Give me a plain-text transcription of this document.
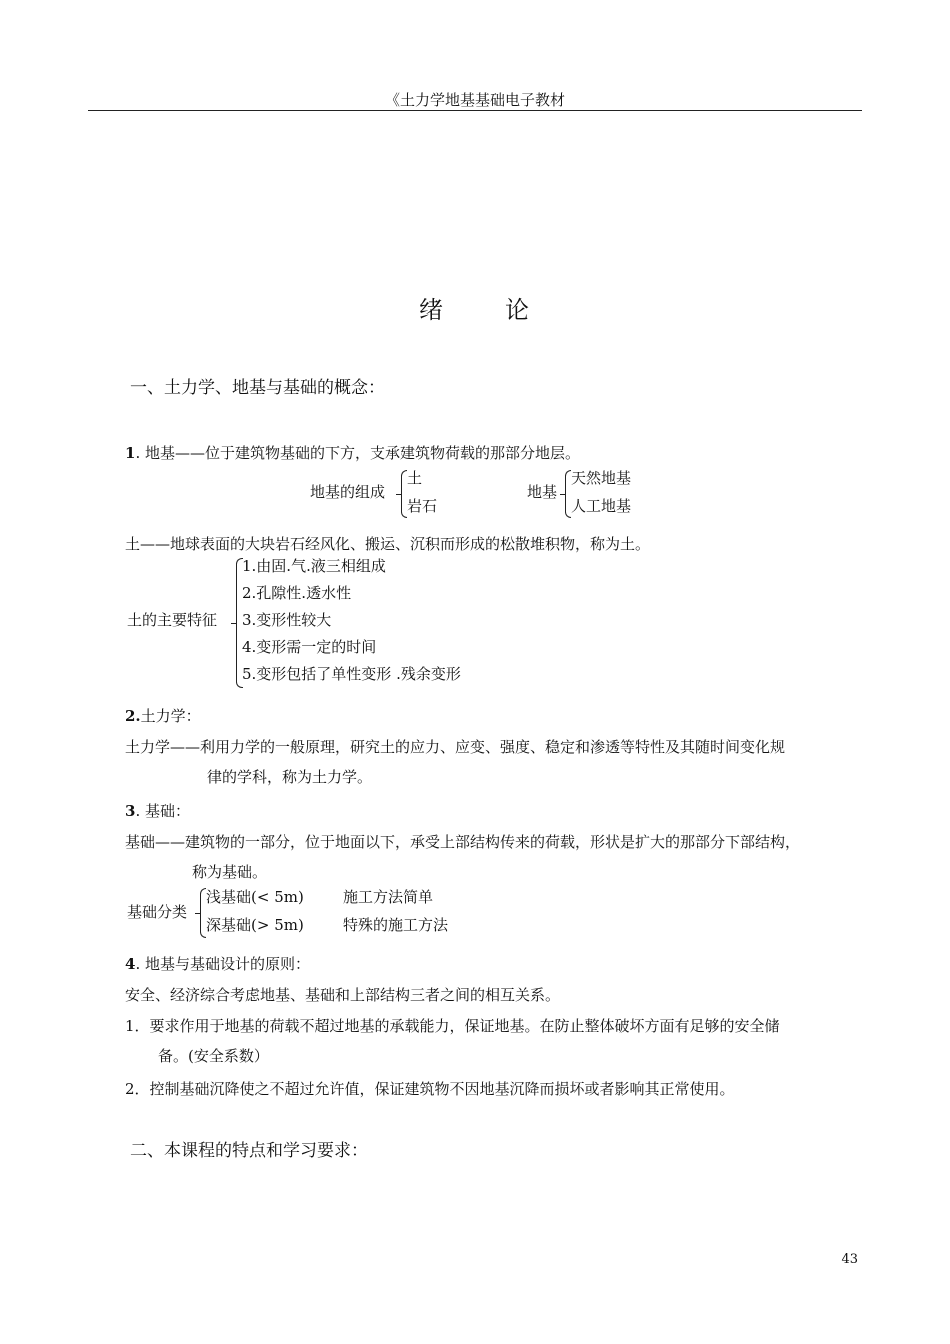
《土力学地基基础电子教材
绪	论
一、土力学、地基与基础的概念：
1. 地基——位于建筑物基础的下方，支承建筑物荷载的那部分地层。
地基的组成
土
岩石
地基
天然地基
人工地基
土——地球表面的大块岩石经风化、搬运、沉积而形成的松散堆积物，称为土。
土的主要特征
1.由固.气.液三相组成
2.孔隙性.透水性
3.变形性较大
4.变形需一定的时间
5.变形包括了单性变形 .残余变形
2.土力学：
土力学——利用力学的一般原理，研究土的应力、应变、强度、稳定和渗透等特性及其随时间变化规
律的学科，称为土力学。
3. 基础：
基础——建筑物的一部分，位于地面以下，承受上部结构传来的荷载，形状是扩大的那部分下部结构，
称为基础。
基础分类
浅基础(< 5m)	施工方法简单
深基础(> 5m)	特殊的施工方法
4. 地基与基础设计的原则：
安全、经济综合考虑地基、基础和上部结构三者之间的相互关系。
1．要求作用于地基的荷载不超过地基的承载能力，保证地基。在防止整体破坏方面有足够的安全储
备。(安全系数）
2．控制基础沉降使之不超过允许值，保证建筑物不因地基沉降而损坏或者影响其正常使用。
二、本课程的特点和学习要求：
43
